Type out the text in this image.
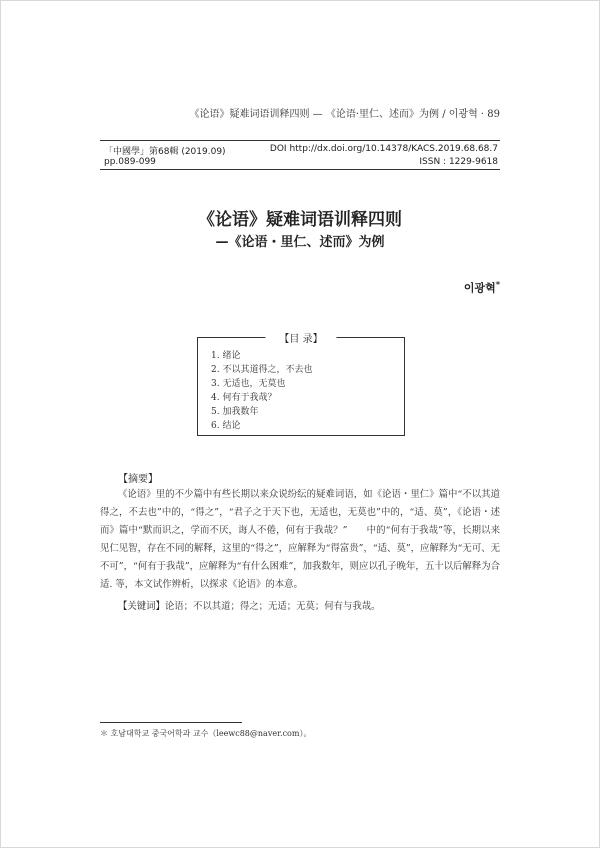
《论语》疑难词语训释四则 — 《论语·里仁、述而》为例 / 이광혁 · 89
「中國學」第68輯 (2019.09)
pp.089-099
DOI http://dx.doi.org/10.14378/KACS.2019.68.68.7
ISSN : 1229-9618
《论语》疑难词语训释四则
—《论语・里仁、述而》为例
이광혁*
【目 录】
1. 绪论
2. 不以其道得之，不去也
3. 无适也，无莫也
4. 何有于我哉？
5. 加我数年
6. 结论
【摘要】

《论语》里的不少篇中有些长期以来众说纷纭的疑难词语，如《论语・里仁》篇中“不以其道得之，不去也”中的，“得之”，“君子之于天下也，无适也，无莫也”中的，“适、莫”，《论语・述而》篇中“默而识之，学而不厌，诲人不倦，何有于我哉？”　　中的“何有于我哉”等，长期以来见仁见智，存在不同的解释，这里的“得之”，应解释为“得富贵”，“适、莫”，应解释为“无可、无不可”，“何有于我哉”，应解释为“有什么困难”，加我数年，则应以孔子晚年，五十以后解释为合适. 等，本文试作辨析，以探求《论语》的本意。

【关键词】论语；不以其道；得之；无适；无莫；何有与我哉。
＊ 호남대학교 중국어학과 교수（leewc88@naver.com）。
